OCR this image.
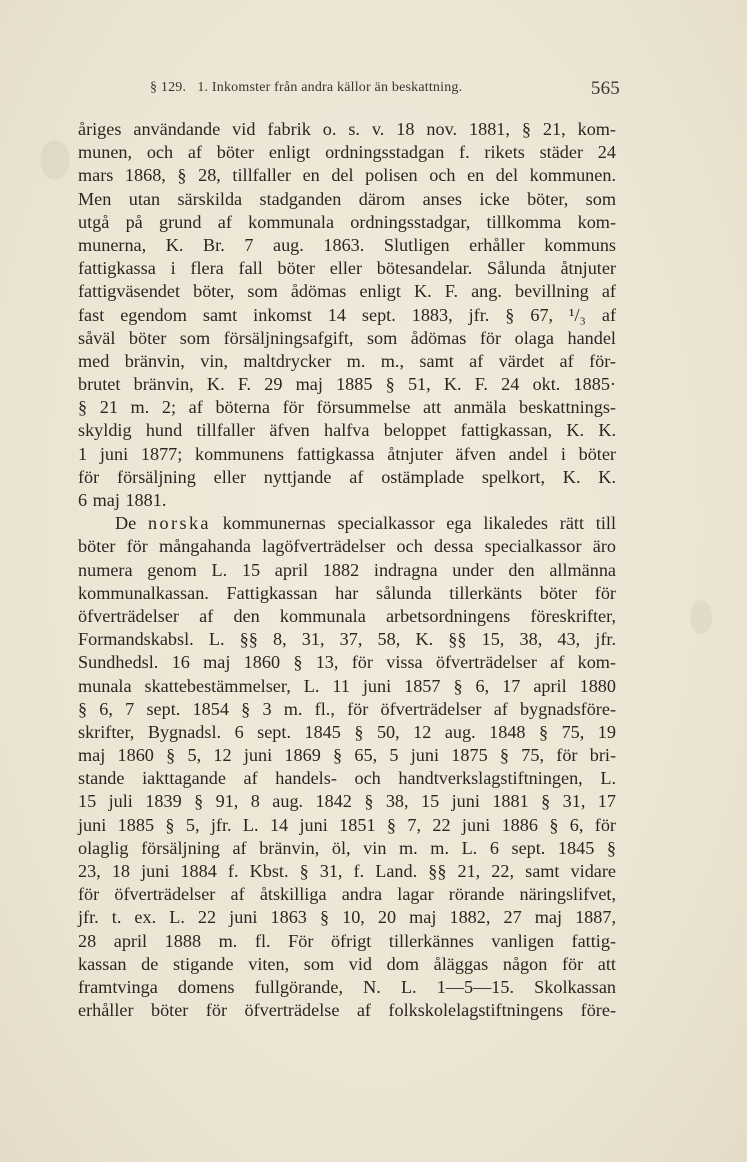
§ 129. 1. Inkomster från andra källor än beskattning.	565
åriges användande vid fabrik o. s. v. 18 nov. 1881, § 21, kom-
munen, och af böter enligt ordningsstadgan f. rikets städer 24
mars 1868, § 28, tillfaller en del polisen och en del kommunen.
Men utan särskilda stadganden därom anses icke böter, som
utgå på grund af kommunala ordningsstadgar, tillkomma kom-
munerna, K. Br. 7 aug. 1863. Slutligen erhåller kommuns
fattigkassa i flera fall böter eller bötesandelar. Sålunda åtnjuter
fattigväsendet böter, som ådömas enligt K. F. ang. bevillning af
fast egendom samt inkomst 14 sept. 1883, jfr. § 67, ¹/₃ af
såväl böter som försäljningsafgift, som ådömas för olaga handel
med bränvin, vin, maltdrycker m. m., samt af värdet af för-
brutet bränvin, K. F. 29 maj 1885 § 51, K. F. 24 okt. 1885·
§ 21 m. 2; af böterna för försummelse att anmäla beskattnings-
skyldig hund tillfaller äfven halfva beloppet fattigkassan, K. K.
1 juni 1877; kommunens fattigkassa åtnjuter äfven andel i böter
för försäljning eller nyttjande af ostämplade spelkort, K. K.
6 maj 1881.
De norska kommunernas specialkassor ega likaledes rätt till
böter för mångahanda lagöfverträdelser och dessa specialkassor äro
numera genom L. 15 april 1882 indragna under den allmänna
kommunalkassan. Fattigkassan har sålunda tillerkänts böter för
öfverträdelser af den kommunala arbetsordningens föreskrifter,
Formandskabsl. L. §§ 8, 31, 37, 58, K. §§ 15, 38, 43, jfr.
Sundhedsl. 16 maj 1860 § 13, för vissa öfverträdelser af kom-
munala skattebestämmelser, L. 11 juni 1857 § 6, 17 april 1880
§ 6, 7 sept. 1854 § 3 m. fl., för öfverträdelser af bygnadsföre-
skrifter, Bygnadsl. 6 sept. 1845 § 50, 12 aug. 1848 § 75, 19
maj 1860 § 5, 12 juni 1869 § 65, 5 juni 1875 § 75, för bri-
stande iakttagande af handels- och handtverkslagstiftningen, L.
15 juli 1839 § 91, 8 aug. 1842 § 38, 15 juni 1881 § 31, 17
juni 1885 § 5, jfr. L. 14 juni 1851 § 7, 22 juni 1886 § 6, för
olaglig försäljning af bränvin, öl, vin m. m. L. 6 sept. 1845 §
23, 18 juni 1884 f. Kbst. § 31, f. Land. §§ 21, 22, samt vidare
för öfverträdelser af åtskilliga andra lagar rörande näringslifvet,
jfr. t. ex. L. 22 juni 1863 § 10, 20 maj 1882, 27 maj 1887,
28 april 1888 m. fl. För öfrigt tillerkännes vanligen fattig-
kassan de stigande viten, som vid dom åläggas någon för att
framtvinga domens fullgörande, N. L. 1—5—15. Skolkassan
erhåller böter för öfverträdelse af folkskolelagstiftningens före-
